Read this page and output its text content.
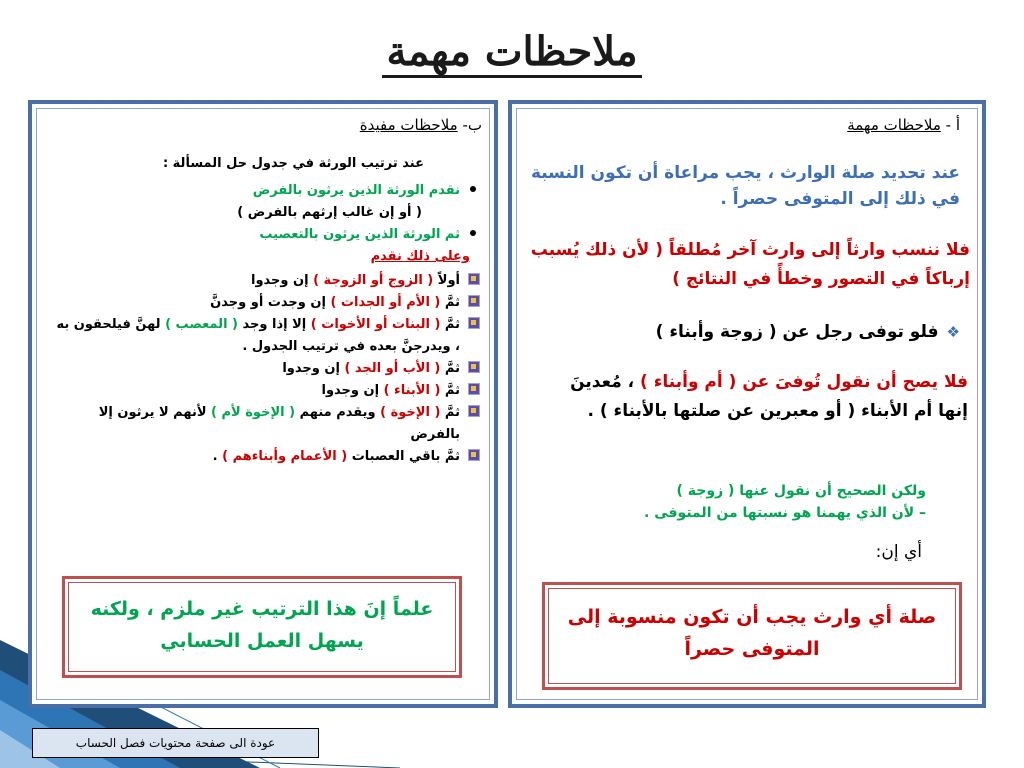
ملاحظات مهمة
أ - ملاحظات مهمة
عند تحديد صلة الوارث ، يجب مراعاة أن تكون النسبة في ذلك إلى المتوفى حصراً .
فلا ننسب وارثاً إلى وارث آخر مُطلقاً ( لأن ذلك يُسبب إرباكاً في التصور وخطأً في النتائج )
❖فلو توفى رجل عن ( زوجة وأبناء )
فلا يصح أن نقول تُوفىَ عن ( أم وأبناء ) ، مُعدينَ إنها أم الأبناء ( أو معبرين عن صلتها بالأبناء ) .
ولكن الصحيح أن نقول عنها ( زوجة )
– لأن الذي يهمنا هو نسبتها من المتوفى .
أي إن:
صلة أي وارث يجب أن تكون منسوبة إلى المتوفى حصراً
ب- ملاحظات مفيدة
عند ترتيب الورثة في جدول حل المسألة :
نقدم الورثة الذين يرثون بالفرض
( أو إن غالب إرثهم بالفرض )
ثم الورثة الذين يرثون بالتعصيب
وعلى ذلك نقدم
أولاً ( الزوج أو الزوجة ) إن وجدوا
ثمَّ ( الأم أو الجدات ) إن وجدت أو وجدنَّ
ثمَّ ( البنات أو الأخوات ) إلا إذا وجد ( المعصب ) لهنَّ فيلحقون به ، ويدرجنَّ بعده في ترتيب الجدول .
ثمَّ ( الأب أو الجد ) إن وجدوا
ثمَّ ( الأبناء ) إن وجدوا
ثمَّ ( الإخوة ) ويقدم منهم ( الإخوة لأم ) لأنهم لا يرثون إلا بالفرض
ثمَّ باقي العصبات ( الأعمام وأبناءهم ) .
علماً إنَ هذا الترتيب غير ملزم ، ولكنه يسهل العمل الحسابي
عودة الى صفحة محتويات فصل الحساب
